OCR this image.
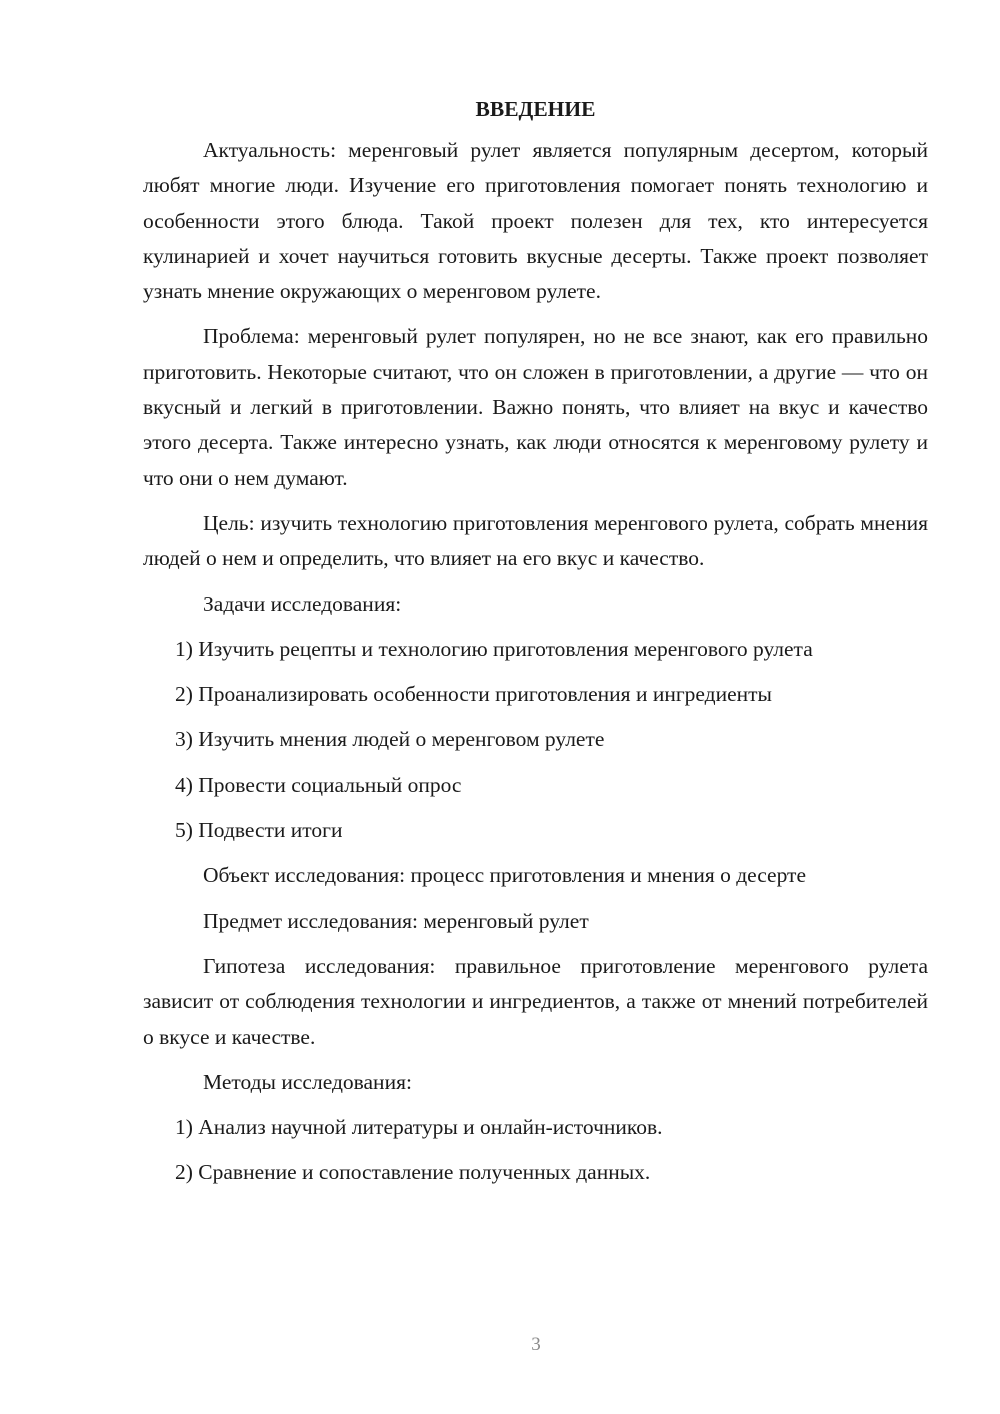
ВВЕДЕНИЕ
Актуальность: меренговый рулет является популярным десертом, который любят многие люди. Изучение его приготовления помогает понять технологию и особенности этого блюда. Такой проект полезен для тех, кто интересуется кулинарией и хочет научиться готовить вкусные десерты. Также проект позволяет узнать мнение окружающих о меренговом рулете.
Проблема: меренговый рулет популярен, но не все знают, как его правильно приготовить. Некоторые считают, что он сложен в приготовлении, а другие — что он вкусный и легкий в приготовлении. Важно понять, что влияет на вкус и качество этого десерта. Также интересно узнать, как люди относятся к меренговому рулету и что они о нем думают.
Цель: изучить технологию приготовления меренгового рулета, собрать мнения людей о нем и определить, что влияет на его вкус и качество.
Задачи исследования:
1) Изучить рецепты и технологию приготовления меренгового рулета
2) Проанализировать особенности приготовления и ингредиенты
3) Изучить мнения людей о меренговом рулете
4) Провести социальный опрос
5) Подвести итоги
Объект исследования: процесс приготовления и мнения о десерте
Предмет исследования: меренговый рулет
Гипотеза исследования: правильное приготовление меренгового рулета зависит от соблюдения технологии и ингредиентов, а также от мнений потребителей о вкусе и качестве.
Методы исследования:
1) Анализ научной литературы и онлайн-источников.
2) Сравнение и сопоставление полученных данных.
3
